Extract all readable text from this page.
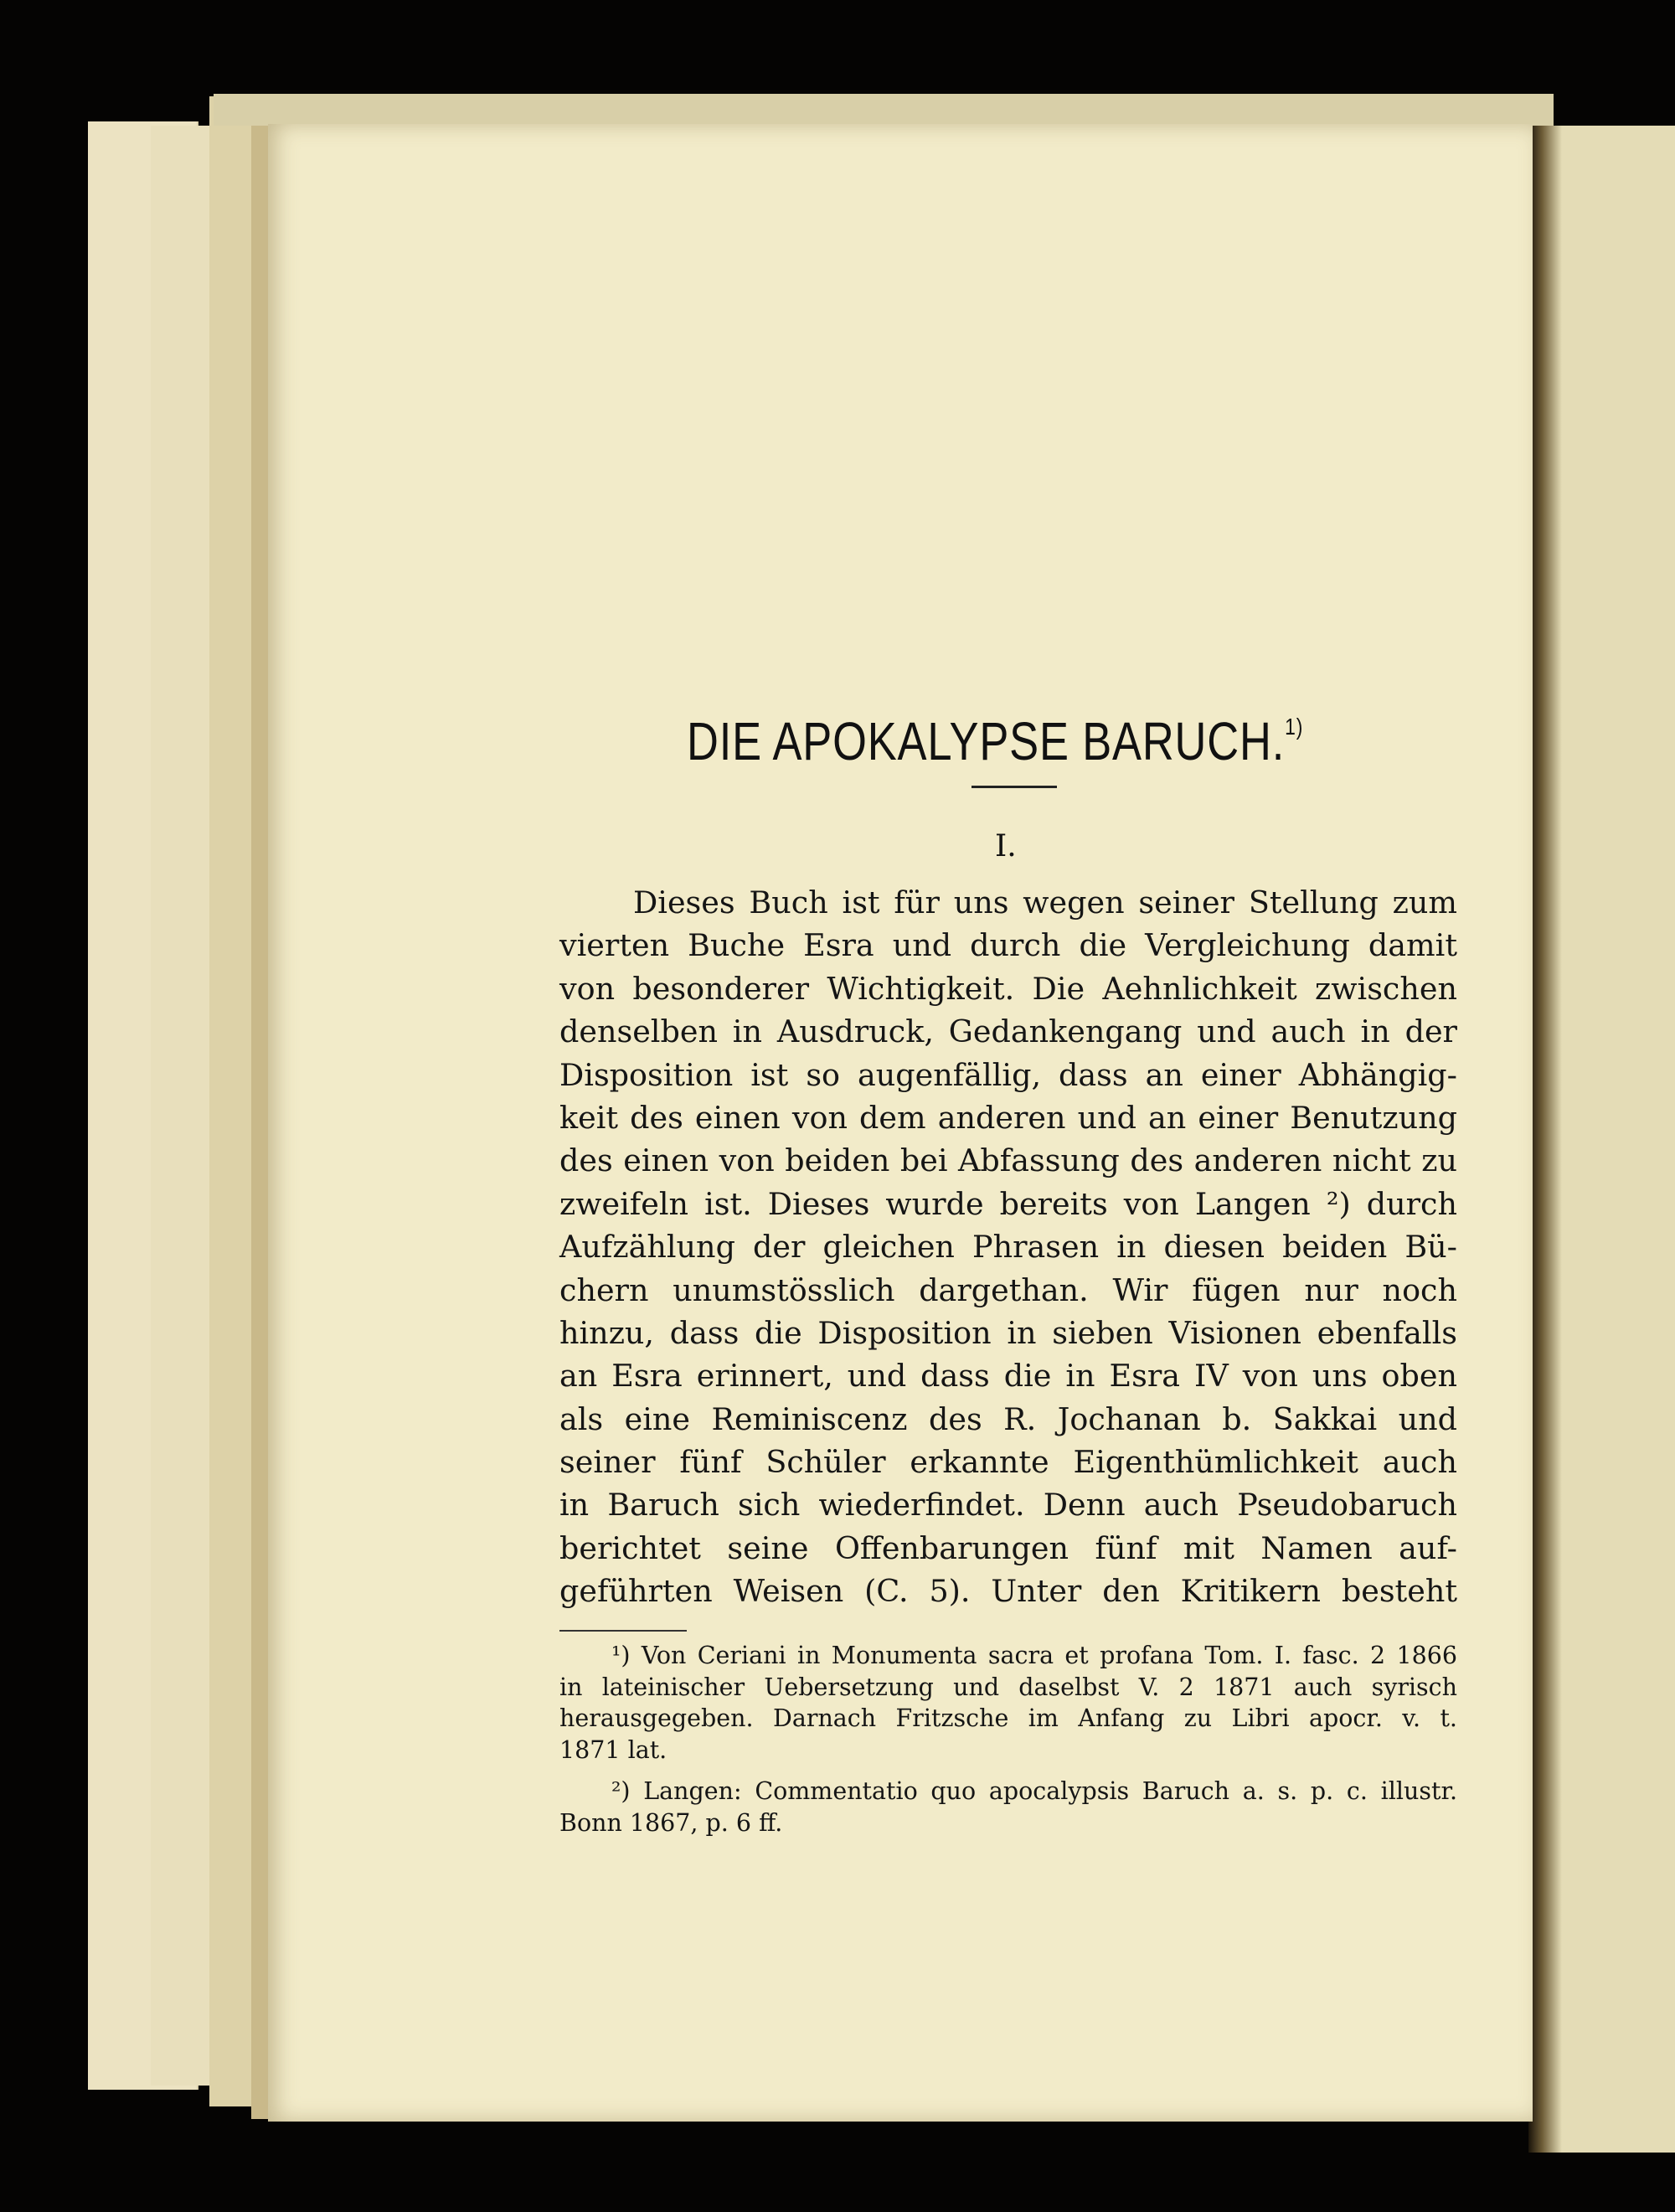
DIE APOKALYPSE BARUCH.$^{1)}$
I.
Dieses Buch ist für uns wegen seiner Stellung zum
vierten Buche Esra und durch die Vergleichung damit
von besonderer Wichtigkeit. Die Aehnlichkeit zwischen
denselben in Ausdruck, Gedankengang und auch in der
Disposition ist so augenfällig, dass an einer Abhängig-
keit des einen von dem anderen und an einer Benutzung
des einen von beiden bei Abfassung des anderen nicht zu
zweifeln ist. Dieses wurde bereits von Langen ²) durch
Aufzählung der gleichen Phrasen in diesen beiden Bü-
chern unumstösslich dargethan. Wir fügen nur noch
hinzu, dass die Disposition in sieben Visionen ebenfalls
an Esra erinnert, und dass die in Esra IV von uns oben
als eine Reminiscenz des R. Jochanan b. Sakkai und
seiner fünf Schüler erkannte Eigenthümlichkeit auch
in Baruch sich wiederfindet. Denn auch Pseudobaruch
berichtet seine Offenbarungen fünf mit Namen auf-
geführten Weisen (C. 5). Unter den Kritikern besteht
¹) Von Ceriani in Monumenta sacra et profana Tom. I. fasc. 2 1866
in lateinischer Uebersetzung und daselbst V. 2 1871 auch syrisch
herausgegeben. Darnach Fritzsche im Anfang zu Libri apocr. v. t.
1871 lat.
²) Langen: Commentatio quo apocalypsis Baruch a. s. p. c. illustr.
Bonn 1867, p. 6 ff.
